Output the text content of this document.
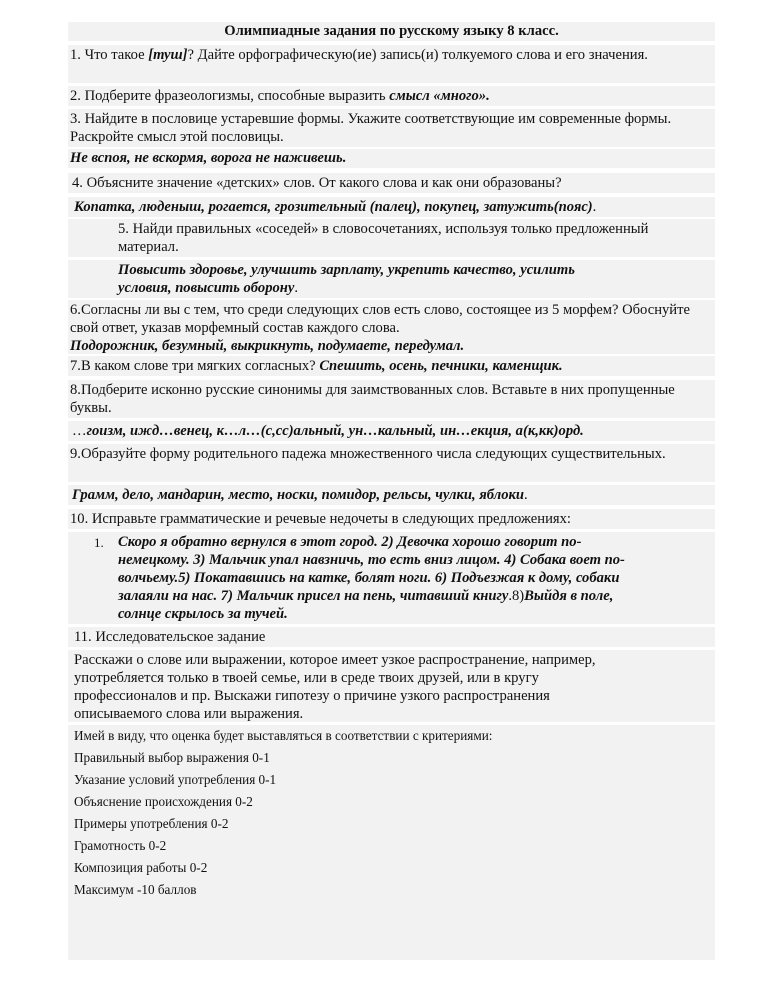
Олимпиадные задания по русскому языку 8 класс.

1. Что такое [туш]? Дайте орфографическую(ие) запись(и) толкуемого слова и его значения.

2. Подберите фразеологизмы, способные выразить смысл «много».

3. Найдите в пословице устаревшие формы. Укажите соответствующие им современные формы. Раскройте смысл этой пословицы.

Не вспоя, не вскормя, ворога не наживешь.

4. Объясните значение «детских» слов. От какого слова и как они образованы?

Копатка, люденыш, рогается, грозительный (палец), покупец, затужить(пояс).

5. Найди правильных «соседей» в словосочетаниях, используя только предложенный материал.

Повысить здоровье, улучшить зарплату, укрепить качество, усилить

условия, повысить оборону.

6.Согласны ли вы с тем, что среди следующих слов есть слово, состоящее из 5 морфем? Обоснуйте свой ответ, указав морфемный состав каждого слова.

Подорожник, безумный, выкрикнуть, подумаете, передумал.

7.В каком слове три мягких согласных? Спешить, осень, печники, каменщик.

8.Подберите исконно русские синонимы для заимствованных слов. Вставьте в них пропущенные буквы.

…гоизм, ижд…венец, к…л…(с,сс)альный, ун…кальный, ин…екция, а(к,кк)орд.

9.Образуйте форму родительного падежа множественного числа следующих существительных.

Грамм, дело, мандарин, место, носки, помидор, рельсы, чулки, яблоки.

10. Исправьте грамматические и речевые недочеты в следующих предложениях:

1. Скоро я обратно вернулся в этот город. 2) Девочка хорошо говорит по-

немецкому. 3) Мальчик упал навзничь, то есть вниз лицом. 4) Собака воет по-

волчьему.5) Покатавшись на катке, болят ноги. 6) Подъезжая к дому, собаки

залаяли на нас. 7) Мальчик присел на пень, читавший книгу.8)Выйдя в поле,

солнце скрылось за тучей.

11. Исследовательское задание

Расскажи о слове или выражении, которое имеет узкое распространение, например,

употребляется только в твоей семье, или в среде твоих друзей, или в кругу

профессионалов и пр. Выскажи гипотезу о причине узкого распространения

описываемого слова или выражения.

Имей в виду, что оценка будет выставляться в соответствии с критериями:

Правильный выбор выражения 0-1

Указание условий употребления 0-1

Объяснение происхождения 0-2

Примеры употребления 0-2

Грамотность 0-2

Композиция работы 0-2

Максимум -10 баллов
